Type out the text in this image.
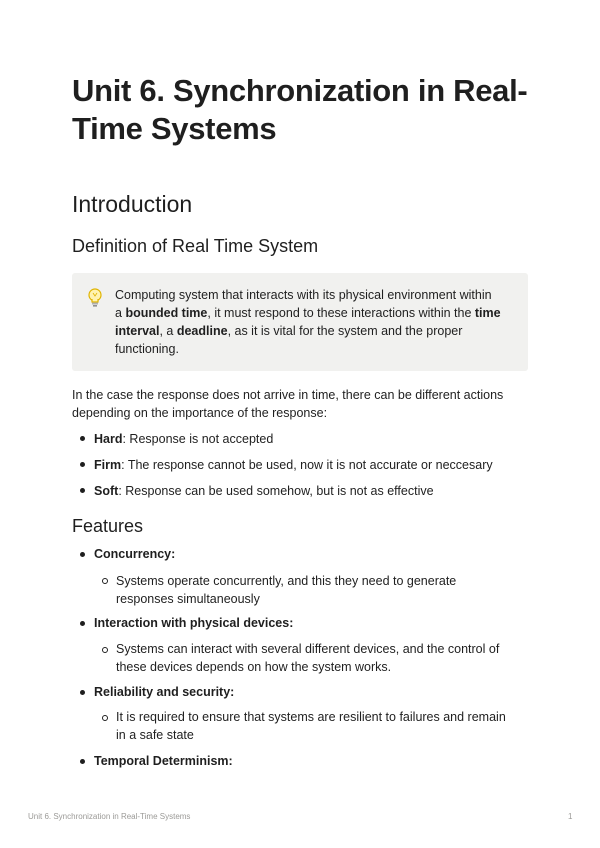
Unit 6. Synchronization in Real-
Time Systems
Introduction
Definition of Real Time System
Computing system that interacts with its physical environment within
a bounded time, it must respond to these interactions within the time
interval, a deadline, as it is vital for the system and the proper
functioning.
In the case the response does not arrive in time, there can be different actions
depending on the importance of the response:
Hard: Response is not accepted
Firm: The response cannot be used, now it is not accurate or neccesary
Soft: Response can be used somehow, but is not as effective
Features
Concurrency:
Systems operate concurrently, and this they need to generate
responses simultaneously
Interaction with physical devices:
Systems can interact with several different devices, and the control of
these devices depends on how the system works.
Reliability and security:
It is required to ensure that systems are resilient to failures and remain
in a safe state
Temporal Determinism:
Unit 6. Synchronization in Real-Time Systems	1
